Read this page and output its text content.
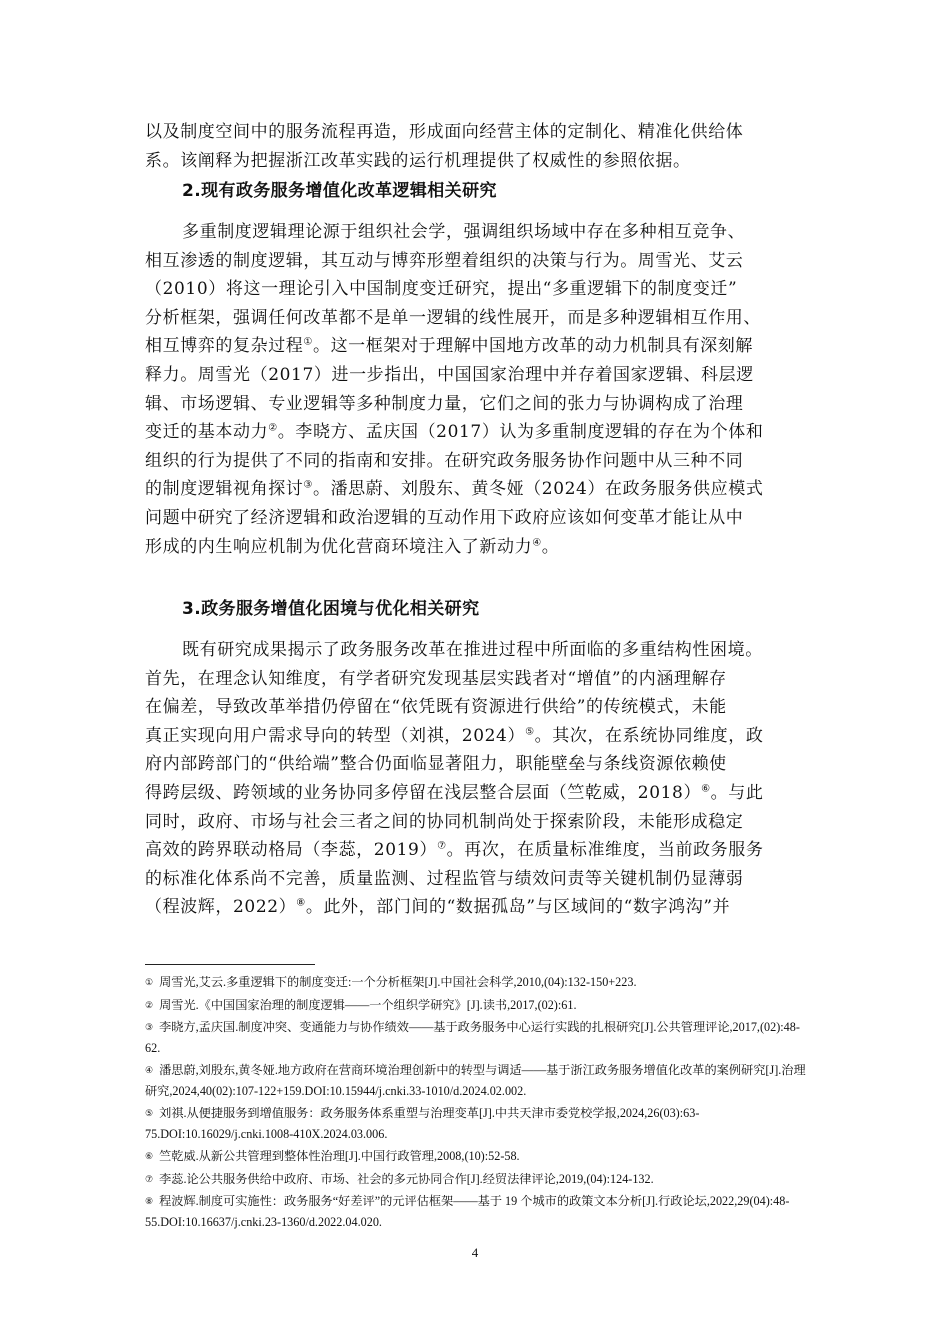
以及制度空间中的服务流程再造，形成面向经营主体的定制化、精准化供给体

系。该阐释为把握浙江改革实践的运行机理提供了权威性的参照依据。

2.现有政务服务增值化改革逻辑相关研究

多重制度逻辑理论源于组织社会学，强调组织场域中存在多种相互竞争、

相互渗透的制度逻辑，其互动与博弈形塑着组织的决策与行为。周雪光、艾云

（2010）将这一理论引入中国制度变迁研究，提出“多重逻辑下的制度变迁”

分析框架，强调任何改革都不是单一逻辑的线性展开，而是多种逻辑相互作用、

相互博弈的复杂过程①。这一框架对于理解中国地方改革的动力机制具有深刻解

释力。周雪光（2017）进一步指出，中国国家治理中并存着国家逻辑、科层逻

辑、市场逻辑、专业逻辑等多种制度力量，它们之间的张力与协调构成了治理

变迁的基本动力②。李晓方、孟庆国（2017）认为多重制度逻辑的存在为个体和

组织的行为提供了不同的指南和安排。在研究政务服务协作问题中从三种不同

的制度逻辑视角探讨③。潘思蔚、刘殷东、黄冬娅（2024）在政务服务供应模式

问题中研究了经济逻辑和政治逻辑的互动作用下政府应该如何变革才能让从中

形成的内生响应机制为优化营商环境注入了新动力④。

3.政务服务增值化困境与优化相关研究

既有研究成果揭示了政务服务改革在推进过程中所面临的多重结构性困境。

首先，在理念认知维度，有学者研究发现基层实践者对“增值”的内涵理解存

在偏差，导致改革举措仍停留在“依凭既有资源进行供给”的传统模式，未能

真正实现向用户需求导向的转型（刘祺，2024）⑤。其次，在系统协同维度，政

府内部跨部门的“供给端”整合仍面临显著阻力，职能壁垒与条线资源依赖使

得跨层级、跨领域的业务协同多停留在浅层整合层面（竺乾威，2018）⑥。与此

同时，政府、市场与社会三者之间的协同机制尚处于探索阶段，未能形成稳定

高效的跨界联动格局（李蕊，2019）⑦。再次，在质量标准维度，当前政务服务

的标准化体系尚不完善，质量监测、过程监管与绩效问责等关键机制仍显薄弱

（程波辉，2022）⑧。此外，部门间的“数据孤岛”与区域间的“数字鸿沟”并

① 周雪光,艾云.多重逻辑下的制度变迁:一个分析框架[J].中国社会科学,2010,(04):132-150+223.

② 周雪光.《中国国家治理的制度逻辑——一个组织学研究》[J].读书,2017,(02):61.

③ 李晓方,孟庆国.制度冲突、变通能力与协作绩效——基于政务服务中心运行实践的扎根研究[J].公共管理评论,2017,(02):48-62.

④ 潘思蔚,刘殷东,黄冬娅.地方政府在营商环境治理创新中的转型与调适——基于浙江政务服务增值化改革的案例研究[J].治理研究,2024,40(02):107-122+159.DOI:10.15944/j.cnki.33-1010/d.2024.02.002.

⑤ 刘祺.从便捷服务到增值服务：政务服务体系重塑与治理变革[J].中共天津市委党校学报,2024,26(03):63-75.DOI:10.16029/j.cnki.1008-410X.2024.03.006.

⑥ 竺乾威.从新公共管理到整体性治理[J].中国行政管理,2008,(10):52-58.

⑦ 李蕊.论公共服务供给中政府、市场、社会的多元协同合作[J].经贸法律评论,2019,(04):124-132.

⑧ 程波辉.制度可实施性：政务服务“好差评”的元评估框架——基于 19 个城市的政策文本分析[J].行政论坛,2022,29(04):48-55.DOI:10.16637/j.cnki.23-1360/d.2022.04.020.

4
